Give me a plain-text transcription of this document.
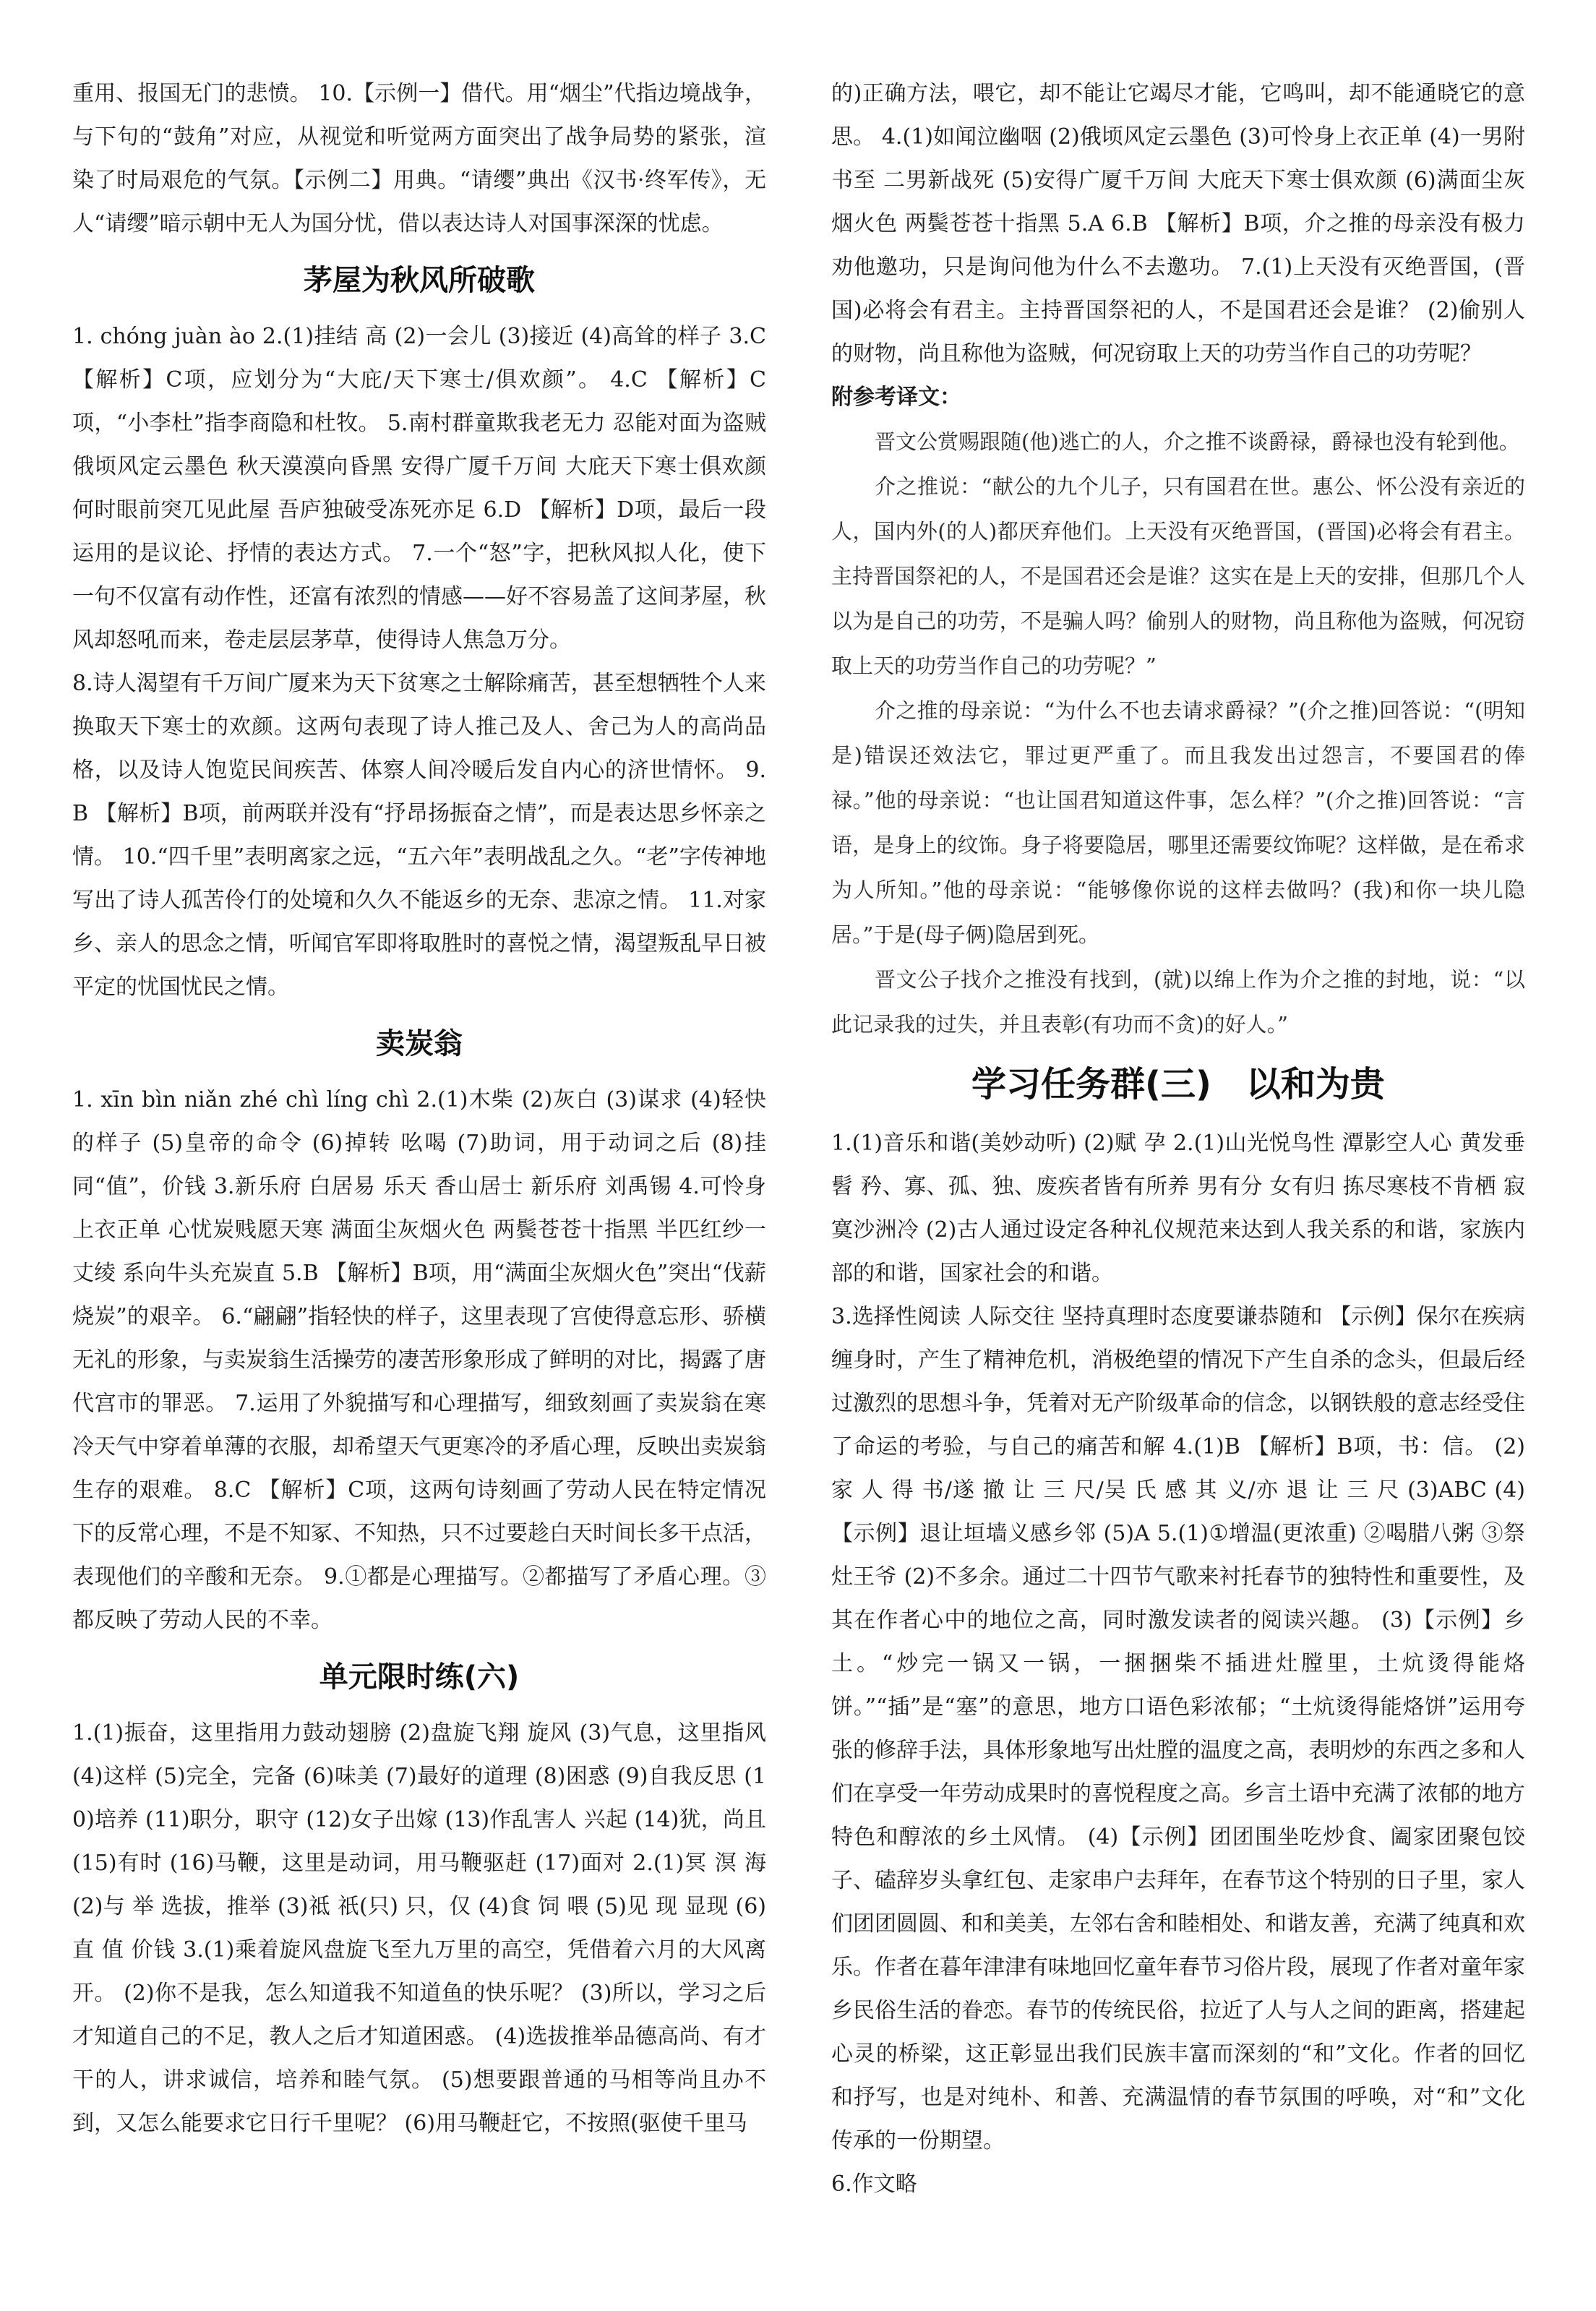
重用、报国无门的悲愤。 10.【示例一】借代。用“烟尘”代指边境战争，与下句的“鼓角”对应，从视觉和听觉两方面突出了战争局势的紧张，渲染了时局艰危的气氛。【示例二】用典。“请缨”典出《汉书·终军传》，无人“请缨”暗示朝中无人为国分忧，借以表达诗人对国事深深的忧虑。

茅屋为秋风所破歌

1. chóng juàn ào 2.(1)挂结 高 (2)一会儿 (3)接近 (4)高耸的样子 3.C 【解析】C项，应划分为“大庇/天下寒士/俱欢颜”。 4.C 【解析】C项，“小李杜”指李商隐和杜牧。 5.南村群童欺我老无力 忍能对面为盗贼 俄顷风定云墨色 秋天漠漠向昏黑 安得广厦千万间 大庇天下寒士俱欢颜 何时眼前突兀见此屋 吾庐独破受冻死亦足 6.D 【解析】D项，最后一段运用的是议论、抒情的表达方式。 7.一个“怒”字，把秋风拟人化，使下一句不仅富有动作性，还富有浓烈的情感——好不容易盖了这间茅屋，秋风却怒吼而来，卷走层层茅草，使得诗人焦急万分。

8.诗人渴望有千万间广厦来为天下贫寒之士解除痛苦，甚至想牺牲个人来换取天下寒士的欢颜。这两句表现了诗人推己及人、舍己为人的高尚品格，以及诗人饱览民间疾苦、体察人间冷暖后发自内心的济世情怀。 9.B 【解析】B项，前两联并没有“抒昂扬振奋之情”，而是表达思乡怀亲之情。 10.“四千里”表明离家之远，“五六年”表明战乱之久。“老”字传神地写出了诗人孤苦伶仃的处境和久久不能返乡的无奈、悲凉之情。 11.对家乡、亲人的思念之情，听闻官军即将取胜时的喜悦之情，渴望叛乱早日被平定的忧国忧民之情。

卖炭翁

1. xīn bìn niǎn zhé chì líng chì 2.(1)木柴 (2)灰白 (3)谋求 (4)轻快的样子 (5)皇帝的命令 (6)掉转 吆喝 (7)助词，用于动词之后 (8)挂 同“值”，价钱 3.新乐府 白居易 乐天 香山居士 新乐府 刘禹锡 4.可怜身上衣正单 心忧炭贱愿天寒 满面尘灰烟火色 两鬓苍苍十指黑 半匹红纱一丈绫 系向牛头充炭直 5.B 【解析】B项，用“满面尘灰烟火色”突出“伐薪烧炭”的艰辛。 6.“翩翩”指轻快的样子，这里表现了宫使得意忘形、骄横无礼的形象，与卖炭翁生活操劳的凄苦形象形成了鲜明的对比，揭露了唐代宫市的罪恶。 7.运用了外貌描写和心理描写，细致刻画了卖炭翁在寒冷天气中穿着单薄的衣服，却希望天气更寒冷的矛盾心理，反映出卖炭翁生存的艰难。 8.C 【解析】C项，这两句诗刻画了劳动人民在特定情况下的反常心理，不是不知冢、不知热，只不过要趁白天时间长多干点活，表现他们的辛酸和无奈。 9.①都是心理描写。②都描写了矛盾心理。③都反映了劳动人民的不幸。

单元限时练(六)

1.(1)振奋，这里指用力鼓动翅膀 (2)盘旋飞翔 旋风 (3)气息，这里指风 (4)这样 (5)完全，完备 (6)味美 (7)最好的道理 (8)困惑 (9)自我反思 (10)培养 (11)职分，职守 (12)女子出嫁 (13)作乱害人 兴起 (14)犹，尚且 (15)有时 (16)马鞭，这里是动词，用马鞭驱赶 (17)面对 2.(1)冥 溟 海 (2)与 举 选拔，推举 (3)祗 祇(只) 只，仅 (4)食 饲 喂 (5)见 现 显现 (6)直 值 价钱 3.(1)乘着旋风盘旋飞至九万里的高空，凭借着六月的大风离开。 (2)你不是我，怎么知道我不知道鱼的快乐呢？ (3)所以，学习之后才知道自己的不足，教人之后才知道困惑。 (4)选拔推举品德高尚、有才干的人，讲求诚信，培养和睦气氛。 (5)想要跟普通的马相等尚且办不到，又怎么能要求它日行千里呢？ (6)用马鞭赶它，不按照(驱使千里马

的)正确方法，喂它，却不能让它竭尽才能，它鸣叫，却不能通晓它的意思。 4.(1)如闻泣幽咽 (2)俄顷风定云墨色 (3)可怜身上衣正单 (4)一男附书至 二男新战死 (5)安得广厦千万间 大庇天下寒士俱欢颜 (6)满面尘灰烟火色 两鬓苍苍十指黑 5.A 6.B 【解析】B项，介之推的母亲没有极力劝他邀功，只是询问他为什么不去邀功。 7.(1)上天没有灭绝晋国，(晋国)必将会有君主。主持晋国祭祀的人，不是国君还会是谁？ (2)偷别人的财物，尚且称他为盗贼，何况窃取上天的功劳当作自己的功劳呢？

附参考译文：

晋文公赏赐跟随(他)逃亡的人，介之推不谈爵禄，爵禄也没有轮到他。

介之推说：“献公的九个儿子，只有国君在世。惠公、怀公没有亲近的人，国内外(的人)都厌弃他们。上天没有灭绝晋国，(晋国)必将会有君主。主持晋国祭祀的人，不是国君还会是谁？这实在是上天的安排，但那几个人以为是自己的功劳，不是骗人吗？偷别人的财物，尚且称他为盗贼，何况窃取上天的功劳当作自己的功劳呢？”

介之推的母亲说：“为什么不也去请求爵禄？”(介之推)回答说：“(明知是)错误还效法它，罪过更严重了。而且我发出过怨言，不要国君的俸禄。”他的母亲说：“也让国君知道这件事，怎么样？”(介之推)回答说：“言语，是身上的纹饰。身子将要隐居，哪里还需要纹饰呢？这样做，是在希求为人所知。”他的母亲说：“能够像你说的这样去做吗？(我)和你一块儿隐居。”于是(母子俩)隐居到死。

晋文公子找介之推没有找到，(就)以绵上作为介之推的封地，说：“以此记录我的过失，并且表彰(有功而不贪)的好人。”

学习任务群(三)　以和为贵

1.(1)音乐和谐(美妙动听) (2)赋 孕 2.(1)山光悦鸟性 潭影空人心 黄发垂髫 矜、寡、孤、独、废疾者皆有所养 男有分 女有归 拣尽寒枝不肯栖 寂寞沙洲冷 (2)古人通过设定各种礼仪规范来达到人我关系的和谐，家族内部的和谐，国家社会的和谐。

3.选择性阅读 人际交往 坚持真理时态度要谦恭随和 【示例】保尔在疾病缠身时，产生了精神危机，消极绝望的情况下产生自杀的念头，但最后经过激烈的思想斗争，凭着对无产阶级革命的信念，以钢铁般的意志经受住了命运的考验，与自己的痛苦和解 4.(1)B 【解析】B项，书：信。 (2)家 人 得 书/遂 撤 让 三 尺/吴 氏 感 其 义/亦 退 让 三 尺 (3)ABC (4)【示例】退让垣墙义感乡邻 (5)A 5.(1)①增温(更浓重) ②喝腊八粥 ③祭灶王爷 (2)不多余。通过二十四节气歌来衬托春节的独特性和重要性，及其在作者心中的地位之高，同时激发读者的阅读兴趣。 (3)【示例】乡土。“炒完一锅又一锅，一捆捆柴不插进灶膛里，土炕烫得能烙饼。”“插”是“塞”的意思，地方口语色彩浓郁；“土炕烫得能烙饼”运用夸张的修辞手法，具体形象地写出灶膛的温度之高，表明炒的东西之多和人们在享受一年劳动成果时的喜悦程度之高。乡言土语中充满了浓郁的地方特色和醇浓的乡土风情。 (4)【示例】团团围坐吃炒食、阖家团聚包饺子、磕辞岁头拿红包、走家串户去拜年，在春节这个特别的日子里，家人们团团圆圆、和和美美，左邻右舍和睦相处、和谐友善，充满了纯真和欢乐。作者在暮年津津有味地回忆童年春节习俗片段，展现了作者对童年家乡民俗生活的眷恋。春节的传统民俗，拉近了人与人之间的距离，搭建起心灵的桥梁，这正彰显出我们民族丰富而深刻的“和”文化。作者的回忆和抒写，也是对纯朴、和善、充满温情的春节氛围的呼唤，对“和”文化传承的一份期望。

6.作文略
